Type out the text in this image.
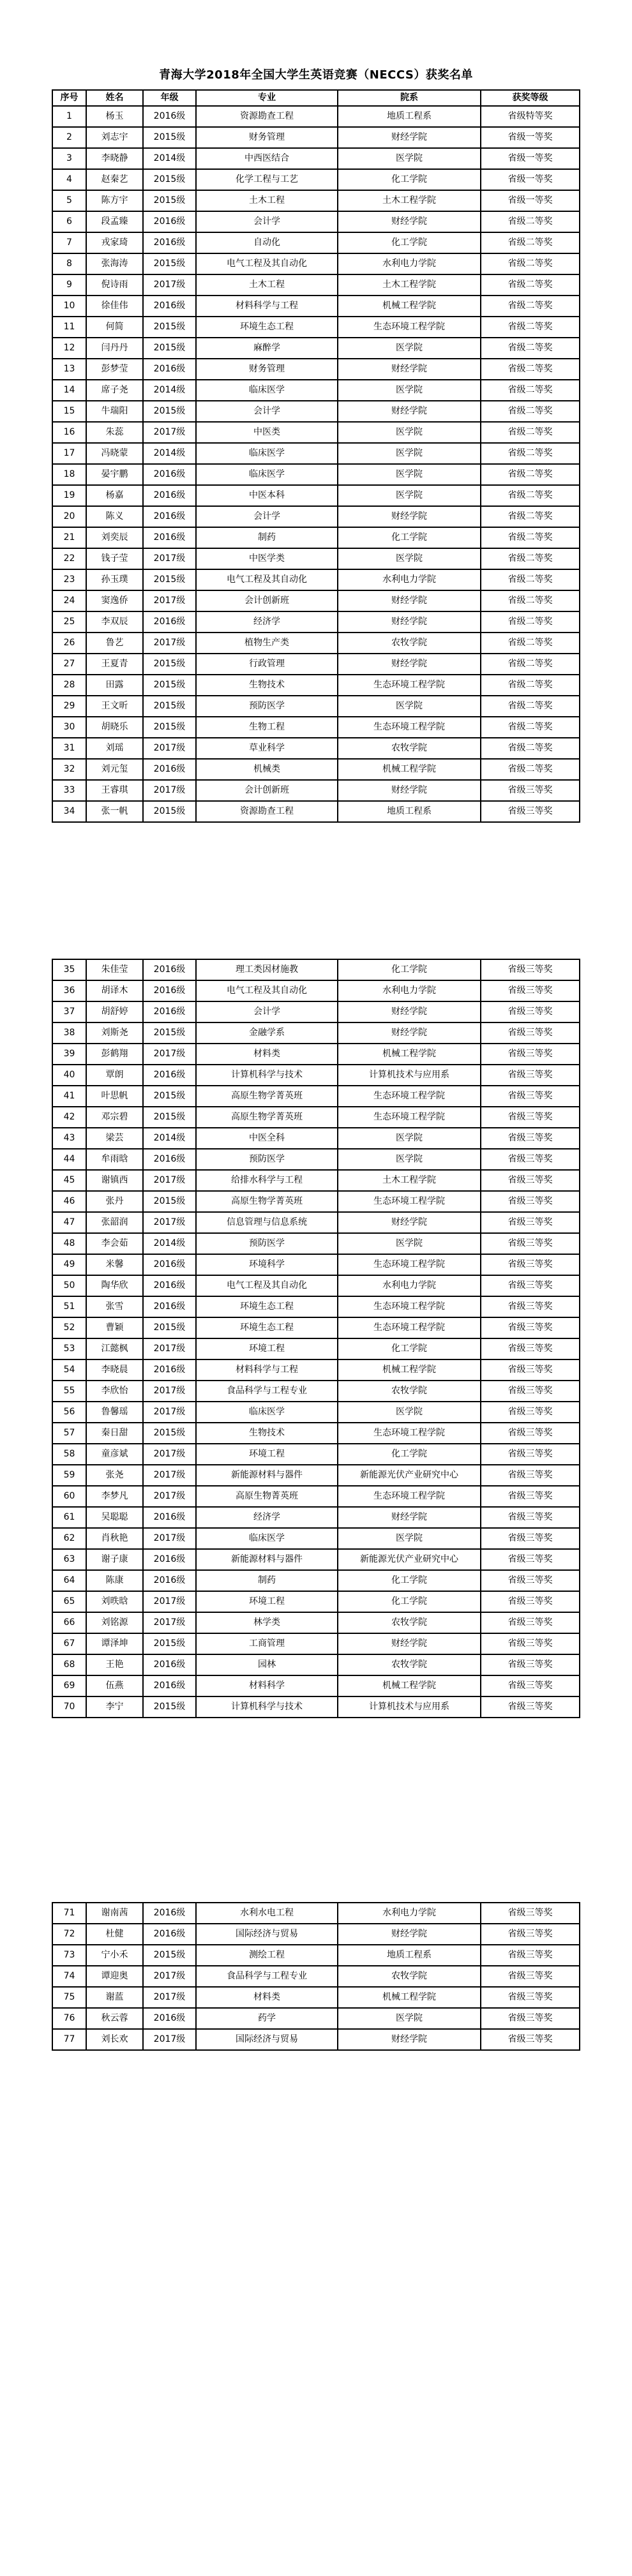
青海大学2018年全国大学生英语竞赛（NECCS）获奖名单
序号	姓名	年级	专业	院系	获奖等级
1	杨玉	2016级	资源勘查工程	地质工程系	省级特等奖
2	刘志宇	2015级	财务管理	财经学院	省级一等奖
3	李晓静	2014级	中西医结合	医学院	省级一等奖
4	赵秦艺	2015级	化学工程与工艺	化工学院	省级一等奖
5	陈方宇	2015级	土木工程	土木工程学院	省级一等奖
6	段孟臻	2016级	会计学	财经学院	省级二等奖
7	戎家琦	2016级	自动化	化工学院	省级二等奖
8	张海涛	2015级	电气工程及其自动化	水利电力学院	省级二等奖
9	倪诗雨	2017级	土木工程	土木工程学院	省级二等奖
10	徐佳伟	2016级	材料科学与工程	机械工程学院	省级二等奖
11	何简	2015级	环境生态工程	生态环境工程学院	省级二等奖
12	闫丹丹	2015级	麻醉学	医学院	省级二等奖
13	彭梦莹	2016级	财务管理	财经学院	省级二等奖
14	席子尧	2014级	临床医学	医学院	省级二等奖
15	牛瑞阳	2015级	会计学	财经学院	省级二等奖
16	朱蕊	2017级	中医类	医学院	省级二等奖
17	冯晓蒙	2014级	临床医学	医学院	省级二等奖
18	晏宇鹏	2016级	临床医学	医学院	省级二等奖
19	杨嘉	2016级	中医本科	医学院	省级二等奖
20	陈义	2016级	会计学	财经学院	省级二等奖
21	刘奕辰	2016级	制药	化工学院	省级二等奖
22	钱子莹	2017级	中医学类	医学院	省级二等奖
23	孙玉璞	2015级	电气工程及其自动化	水利电力学院	省级二等奖
24	窦逸侨	2017级	会计创新班	财经学院	省级二等奖
25	李双辰	2016级	经济学	财经学院	省级二等奖
26	鲁艺	2017级	植物生产类	农牧学院	省级二等奖
27	王夏青	2015级	行政管理	财经学院	省级二等奖
28	田露	2015级	生物技术	生态环境工程学院	省级二等奖
29	王文昕	2015级	预防医学	医学院	省级二等奖
30	胡晓乐	2015级	生物工程	生态环境工程学院	省级二等奖
31	刘瑶	2017级	草业科学	农牧学院	省级二等奖
32	刘元玺	2016级	机械类	机械工程学院	省级二等奖
33	王睿琪	2017级	会计创新班	财经学院	省级三等奖
34	张一帆	2015级	资源勘查工程	地质工程系	省级三等奖
35	朱佳莹	2016级	理工类因材施教	化工学院	省级三等奖
36	胡译木	2016级	电气工程及其自动化	水利电力学院	省级三等奖
37	胡舒婷	2016级	会计学	财经学院	省级三等奖
38	刘斯尧	2015级	金融学系	财经学院	省级三等奖
39	彭鹤翔	2017级	材料类	机械工程学院	省级三等奖
40	覃朗	2016级	计算机科学与技术	计算机技术与应用系	省级三等奖
41	叶思帆	2015级	高原生物学菁英班	生态环境工程学院	省级三等奖
42	邓宗碧	2015级	高原生物学菁英班	生态环境工程学院	省级三等奖
43	梁芸	2014级	中医全科	医学院	省级三等奖
44	牟雨晗	2016级	预防医学	医学院	省级三等奖
45	谢镇西	2017级	给排水科学与工程	土木工程学院	省级三等奖
46	张丹	2015级	高原生物学菁英班	生态环境工程学院	省级三等奖
47	张韶润	2017级	信息管理与信息系统	财经学院	省级三等奖
48	李会茹	2014级	预防医学	医学院	省级三等奖
49	米馨	2016级	环境科学	生态环境工程学院	省级三等奖
50	陶华欣	2016级	电气工程及其自动化	水利电力学院	省级三等奖
51	张雪	2016级	环境生态工程	生态环境工程学院	省级三等奖
52	曹颖	2015级	环境生态工程	生态环境工程学院	省级三等奖
53	江懿枫	2017级	环境工程	化工学院	省级三等奖
54	李晓晨	2016级	材料科学与工程	机械工程学院	省级三等奖
55	李欣怡	2017级	食品科学与工程专业	农牧学院	省级三等奖
56	鲁馨瑶	2017级	临床医学	医学院	省级三等奖
57	秦日甜	2015级	生物技术	生态环境工程学院	省级三等奖
58	童彦斌	2017级	环境工程	化工学院	省级三等奖
59	张尧	2017级	新能源材料与器件	新能源光伏产业研究中心	省级三等奖
60	李梦凡	2017级	高原生物菁英班	生态环境工程学院	省级三等奖
61	吴聪聪	2016级	经济学	财经学院	省级三等奖
62	肖秋艳	2017级	临床医学	医学院	省级三等奖
63	谢子康	2016级	新能源材料与器件	新能源光伏产业研究中心	省级三等奖
64	陈康	2016级	制药	化工学院	省级三等奖
65	刘昳晗	2017级	环境工程	化工学院	省级三等奖
66	刘铭源	2017级	林学类	农牧学院	省级三等奖
67	谭泽坤	2015级	工商管理	财经学院	省级三等奖
68	王艳	2016级	园林	农牧学院	省级三等奖
69	伍燕	2016级	材料科学	机械工程学院	省级三等奖
70	李宁	2015级	计算机科学与技术	计算机技术与应用系	省级三等奖
71	谢南茜	2016级	水利水电工程	水利电力学院	省级三等奖
72	杜健	2016级	国际经济与贸易	财经学院	省级三等奖
73	宁小禾	2015级	测绘工程	地质工程系	省级三等奖
74	谭迎奥	2017级	食品科学与工程专业	农牧学院	省级三等奖
75	谢蓝	2017级	材料类	机械工程学院	省级三等奖
76	秋云蓉	2016级	药学	医学院	省级三等奖
77	刘长欢	2017级	国际经济与贸易	财经学院	省级三等奖
